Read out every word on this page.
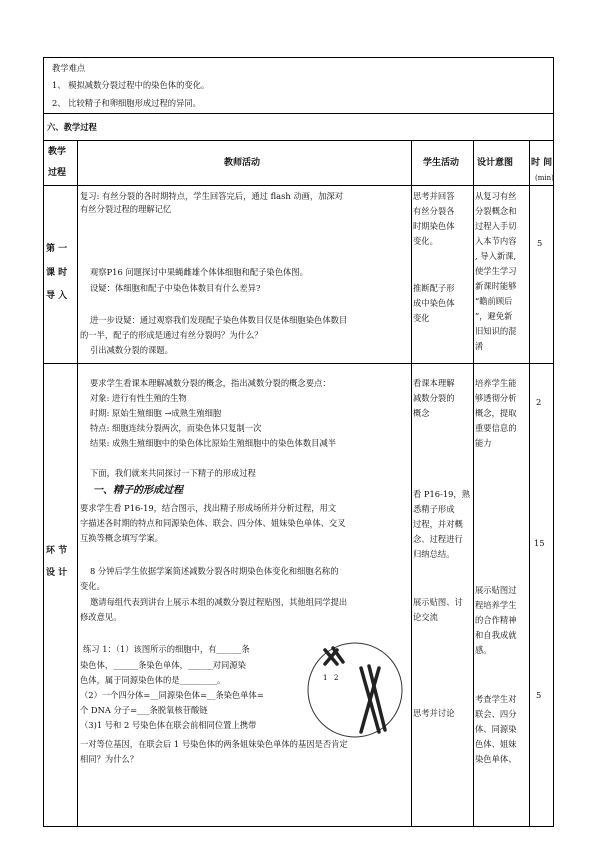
教学难点
1、 模拟减数分裂过程中的染色体的变化。
2、 比较精子和卵细胞形成过程的异同。
六、教学过程
教学
过程
教师活动	学生活动 设计意图 时 间
(min)
第 一
课 时
导 入
复习: 有丝分裂的各时期特点，学生回答完后，通过 flash 动画，加深对
有丝分裂过程的理解记忆
观察P16 问题探讨中果蝇雌雄个体体细胞和配子染色体图。
设疑：体细胞和配子中染色体数目有什么差异?
进一步设疑：通过观察我们发现配子染色体数目仅是体细胞染色体数目
的一半，配子的形成是通过有丝分裂吗？为什么？
引出减数分裂的课题。
思考并回答
有丝分裂各
时期染色体
变化。
推断配子形
成中染色体
变化
从复习有丝
分裂概念和
过程入手切
入本节内容
, 导入新课,
使学生学习
新课时能够
“瞻前顾后
”，避免新
旧知识的混
淆
5
环 节
设 计
要求学生看课本理解减数分裂的概念，指出减数分裂的概念要点：
对象: 进行有性生殖的生物
时期: 原始生殖细胞 →成熟生殖细胞
特点: 细胞连续分裂两次，而染色体只复制一次
结果: 成熟生殖细胞中的染色体比原始生殖细胞中的染色体数目减半
下面，我们就来共同探讨一下精子的形成过程
一、精子的形成过程
要求学生看 P16-19，结合图示，找出精子形成场所并分析过程，用文
字描述各时期的特点和同源染色体、联会、四分体、姐妹染色单体、交叉
互换等概念填写学案。
8 分钟后学生依据学案简述减数分裂各时期染色体变化和细胞名称的
变化。
邀请每组代表到讲台上展示本组的减数分裂过程贴图，其他组同学提出
修改意见。
练习 1：（1）该图所示的细胞中，有______条
染色体，______条染色单体，______对同源染
色体，属于同源染色体的是_________。
（2）一个四分体=__同源染色体=__条染色单体=
个 DNA 分子=___条脱氧核苷酸链
（3)1 号和 2 号染色体在联会前相同位置上携带
一对等位基因，在联会后 1 号染色体的两条姐妹染色单体的基因是否肯定
相同？为什么？
1 2
看课本理解
减数分裂的
概念
看 P16-19，熟
悉精子形成
过程，并对概
念、过程进行
归纳总结。
展示贴图、讨
论交流
思考并讨论
培养学生能
够透彻分析
概念，提取
重要信息的
能力
展示贴图过
程培养学生
的合作精神
和自我成就
感。
考查学生对
联会、四分
体、同源染
色体、姐妹
染色单体、
2
15
5
